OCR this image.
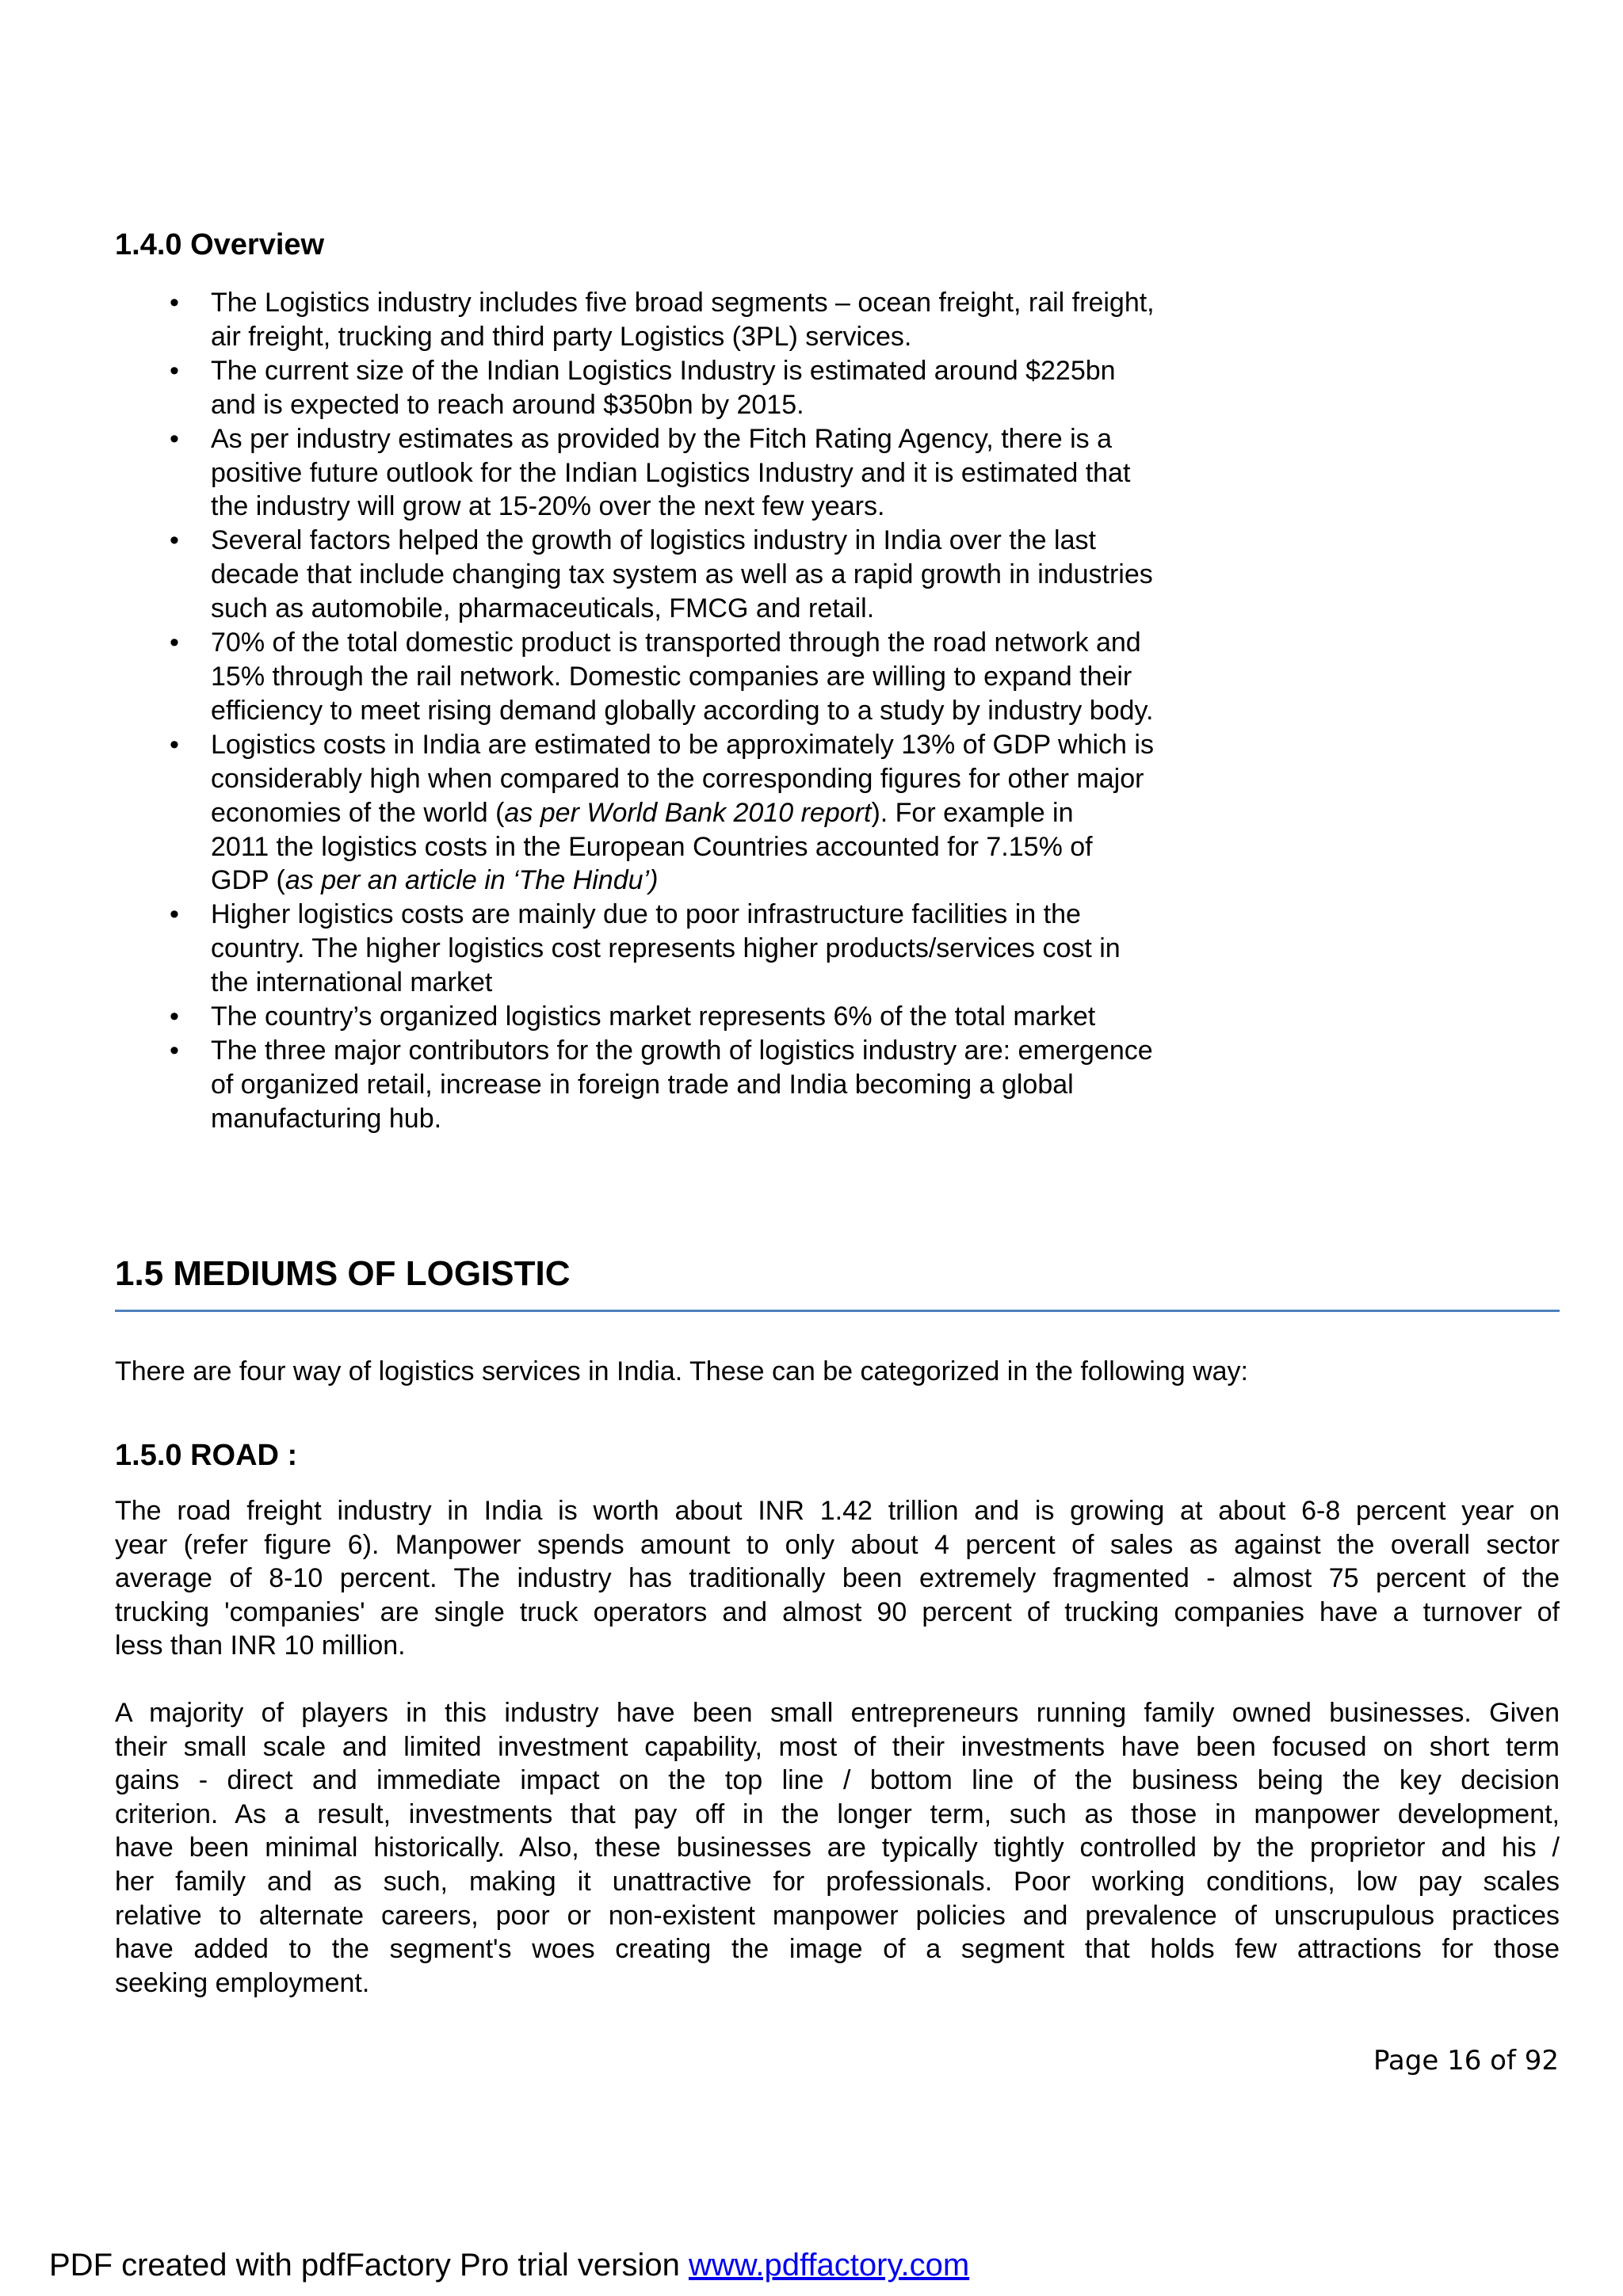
1.4.0 Overview
• The Logistics industry includes five broad segments – ocean freight, rail freight,
air freight, trucking and third party Logistics (3PL) services.
• The current size of the Indian Logistics Industry is estimated around $225bn
and is expected to reach around $350bn by 2015.
• As per industry estimates as provided by the Fitch Rating Agency, there is a
positive future outlook for the Indian Logistics Industry and it is estimated that
the industry will grow at 15-20% over the next few years.
• Several factors helped the growth of logistics industry in India over the last
decade that include changing tax system as well as a rapid growth in industries
such as automobile, pharmaceuticals, FMCG and retail.
• 70% of the total domestic product is transported through the road network and
15% through the rail network. Domestic companies are willing to expand their
efficiency to meet rising demand globally according to a study by industry body.
• Logistics costs in India are estimated to be approximately 13% of GDP which is
considerably high when compared to the corresponding figures for other major
economies of the world (as per World Bank 2010 report). For example in
2011 the logistics costs in the European Countries accounted for 7.15% of
GDP (as per an article in ‘The Hindu’)
• Higher logistics costs are mainly due to poor infrastructure facilities in the
country. The higher logistics cost represents higher products/services cost in
the international market
• The country’s organized logistics market represents 6% of the total market
• The three major contributors for the growth of logistics industry are: emergence
of organized retail, increase in foreign trade and India becoming a global
manufacturing hub.
1.5 MEDIUMS OF LOGISTIC

There are four way of logistics services in India. These can be categorized in the following way:

1.5.0 ROAD :

The road freight industry in India is worth about INR 1.42 trillion and is growing at about 6-8 percent year on
year (refer figure 6). Manpower spends amount to only about 4 percent of sales as against the overall sector
average of 8-10 percent. The industry has traditionally been extremely fragmented - almost 75 percent of the
trucking 'companies' are single truck operators and almost 90 percent of trucking companies have a turnover of
less than INR 10 million.

A majority of players in this industry have been small entrepreneurs running family owned businesses. Given
their small scale and limited investment capability, most of their investments have been focused on short term
gains - direct and immediate impact on the top line / bottom line of the business being the key decision
criterion. As a result, investments that pay off in the longer term, such as those in manpower development,
have been minimal historically. Also, these businesses are typically tightly controlled by the proprietor and his /
her family and as such, making it unattractive for professionals. Poor working conditions, low pay scales
relative to alternate careers, poor or non-existent manpower policies and prevalence of unscrupulous practices
have added to the segment's woes creating the image of a segment that holds few attractions for those
seeking employment.

Page 16 of 92
PDF created with pdfFactory Pro trial version www.pdffactory.com
